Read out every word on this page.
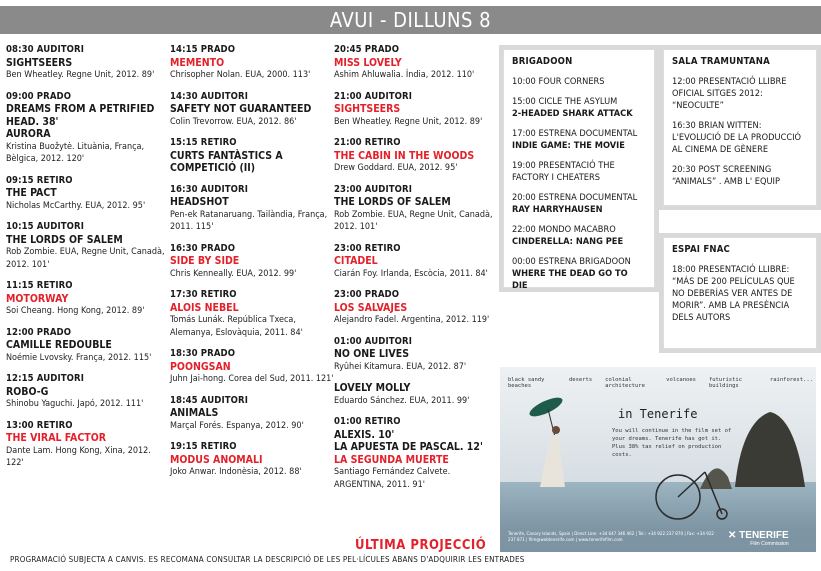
AVUI - DILLUNS 8
08:30 AUDITORI
SIGHTSEERS
Ben Wheatley. Regne Unit, 2012. 89'
09:00 PRADO
DREAMS FROM A PETRIFIED HEAD. 38'
AURORA
Kristina Buožytė. Lituània, França, Bèlgica, 2012. 120'
09:15 RETIRO
THE PACT
Nicholas McCarthy. EUA, 2012. 95'
10:15 AUDITORI
THE LORDS OF SALEM
Rob Zombie. EUA, Regne Unit, Canadà, 2012. 101'
11:15 RETIRO
MOTORWAY
Soi Cheang. Hong Kong, 2012. 89'
12:00 PRADO
CAMILLE REDOUBLE
Noémie Lvovsky. França, 2012. 115'
12:15 AUDITORI
ROBO-G
Shinobu Yaguchi. Japó, 2012. 111'
13:00 RETIRO
THE VIRAL FACTOR
Dante Lam. Hong Kong, Xina, 2012. 122'
14:15 PRADO
MEMENTO
Chrisopher Nolan. EUA, 2000. 113'
14:30 AUDITORI
SAFETY NOT GUARANTEED
Colin Trevorrow. EUA, 2012. 86'
15:15 RETIRO
CURTS FANTÀSTICS A COMPETICIÓ (II)
16:30 AUDITORI
HEADSHOT
Pen-ek Ratanaruang. Tailàndia, França, 2011. 115'
16:30 PRADO
SIDE BY SIDE
Chris Kenneally. EUA, 2012. 99'
17:30 RETIRO
ALOIS NEBEL
Tomás Lunák. República Txeca, Alemanya, Eslovàquia, 2011. 84'
18:30 PRADO
POONGSAN
Juhn Jai-hong. Corea del Sud, 2011. 121'
18:45 AUDITORI
ANIMALS
Marçal Forés. Espanya, 2012. 90'
19:15 RETIRO
MODUS ANOMALI
Joko Anwar. Indonèsia, 2012. 88'
20:45 PRADO
MISS LOVELY
Ashim Ahluwalia. Índia, 2012. 110'
21:00 AUDITORI
SIGHTSEERS
Ben Wheatley. Regne Unit, 2012. 89'
21:00 RETIRO
THE CABIN IN THE WOODS
Drew Goddard. EUA, 2012. 95'
23:00 AUDITORI
THE LORDS OF SALEM
Rob Zombie. EUA, Regne Unit, Canadà, 2012. 101'
23:00 RETIRO
CITADEL
Ciarán Foy. Irlanda, Escòcia, 2011. 84'
23:00 PRADO
LOS SALVAJES
Alejandro Fadel. Argentina, 2012. 119'
01:00 AUDITORI
NO ONE LIVES
Ryûhei Kitamura. EUA, 2012. 87'
LOVELY MOLLY
Eduardo Sánchez. EUA, 2011. 99'
01:00 RETIRO
ALEXIS. 10'
LA APUESTA DE PASCAL. 12'
LA SEGUNDA MUERTE
Santiago Fernández Calvete. ARGENTINA, 2011. 91'
BRIGADOON
10:00 FOUR CORNERS
15:00 CICLE THE ASYLUM
2-HEADED SHARK ATTACK
17:00 ESTRENA DOCUMENTAL
INDIE GAME: THE MOVIE
19:00 PRESENTACIÓ THE FACTORY I CHEATERS
20:00 ESTRENA DOCUMENTAL
RAY HARRYHAUSEN
22:00 MONDO MACABRO
CINDERELLA: NANG PEE
00:00 ESTRENA BRIGADOON
WHERE THE DEAD GO TO DIE
SALA TRAMUNTANA
12:00 PRESENTACIÓ LLIBRE OFICIAL SITGES 2012: “NEOCULTE”
16:30 BRIAN WITTEN: L'EVOLUCIÓ DE LA PRODUCCIÓ AL CINEMA DE GÈNERE
20:30 POST SCREENING “ANIMALS” . AMB L' EQUIP
ESPAI FNAC
18:00 PRESENTACIÓ LLIBRE: “MÁS DE 200 PELÍCULAS QUE NO DEBERÍAS VER ANTES DE MORIR”. AMB LA PRESÈNCIA DELS AUTORS
black sandy beaches
deserts colonial architecture
volcanoes futuristic buildings
rainforest...
in Tenerife
You will continue in the film set of your dreams. Tenerife has got it. Plus 38% tax relief on production costs.
✕ TENERIFE
Film Commission
Tenerife, Canary Islands, Spain | Direct Line: +34 647 346 462 | Tel.: +34 922 237 870 | Fax: +34 922 237 871 | film@webtenerife.com | www.tenerifefilm.com
ÚLTIMA PROJECCIÓ
PROGRAMACIÓ SUBJECTA A CANVIS. ES RECOMANA CONSULTAR LA DESCRIPCIÓ DE LES PEL·LÍCULES ABANS D'ADQUIRIR LES ENTRADES
